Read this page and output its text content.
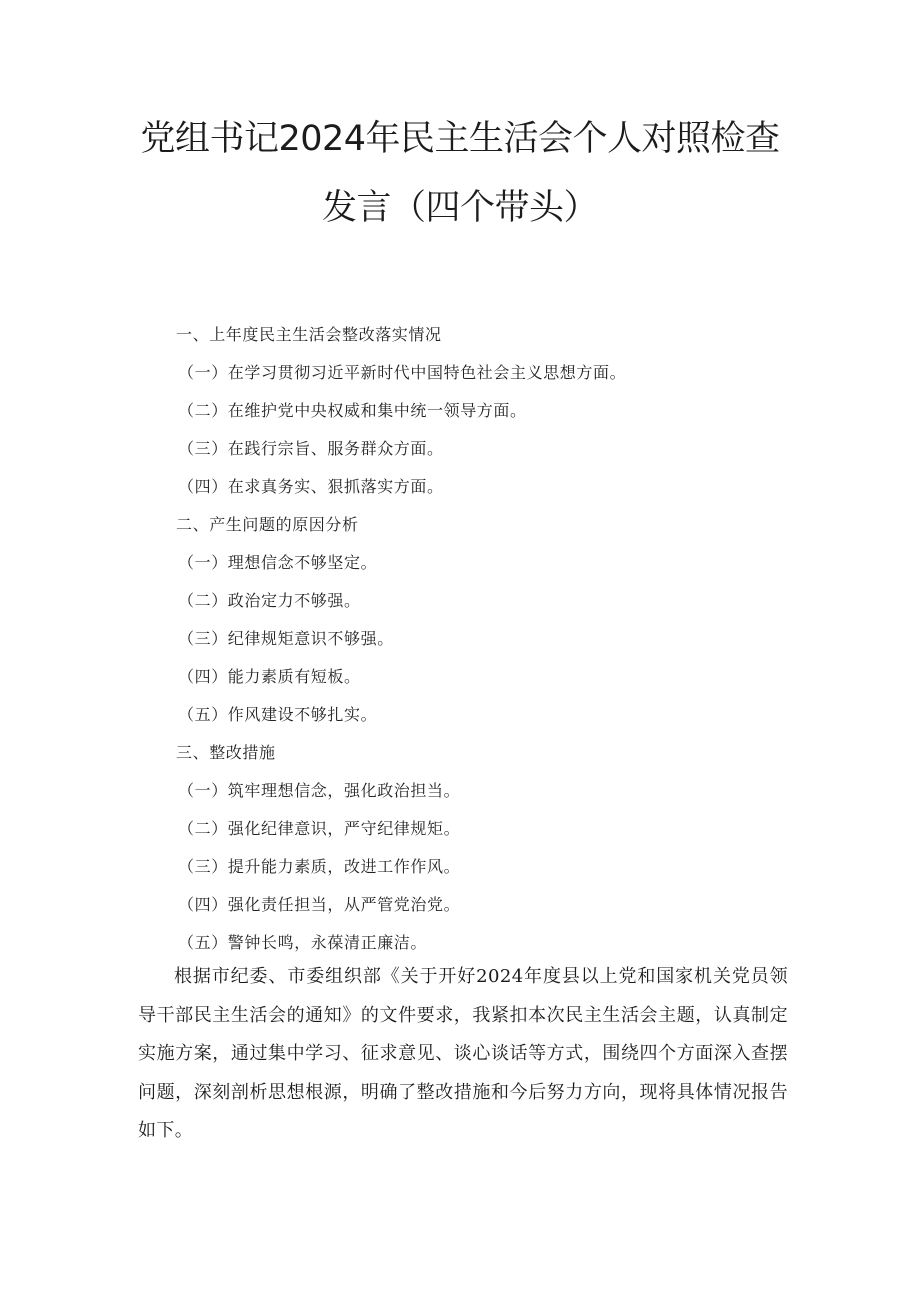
党组书记2024年民主生活会个人对照检查
发言（四个带头）
一、上年度民主生活会整改落实情况
（一）在学习贯彻习近平新时代中国特色社会主义思想方面。
（二）在维护党中央权威和集中统一领导方面。
（三）在践行宗旨、服务群众方面。
（四）在求真务实、狠抓落实方面。
二、产生问题的原因分析
（一）理想信念不够坚定。
（二）政治定力不够强。
（三）纪律规矩意识不够强。
（四）能力素质有短板。
（五）作风建设不够扎实。
三、整改措施
（一）筑牢理想信念，强化政治担当。
（二）强化纪律意识，严守纪律规矩。
（三）提升能力素质，改进工作作风。
（四）强化责任担当，从严管党治党。
（五）警钟长鸣，永葆清正廉洁。
根据市纪委、市委组织部《关于开好2024年度县以上党和国家机关党员领导干部民主生活会的通知》的文件要求，我紧扣本次民主生活会主题，认真制定实施方案，通过集中学习、征求意见、谈心谈话等方式，围绕四个方面深入查摆问题，深刻剖析思想根源，明确了整改措施和今后努力方向，现将具体情况报告如下。
